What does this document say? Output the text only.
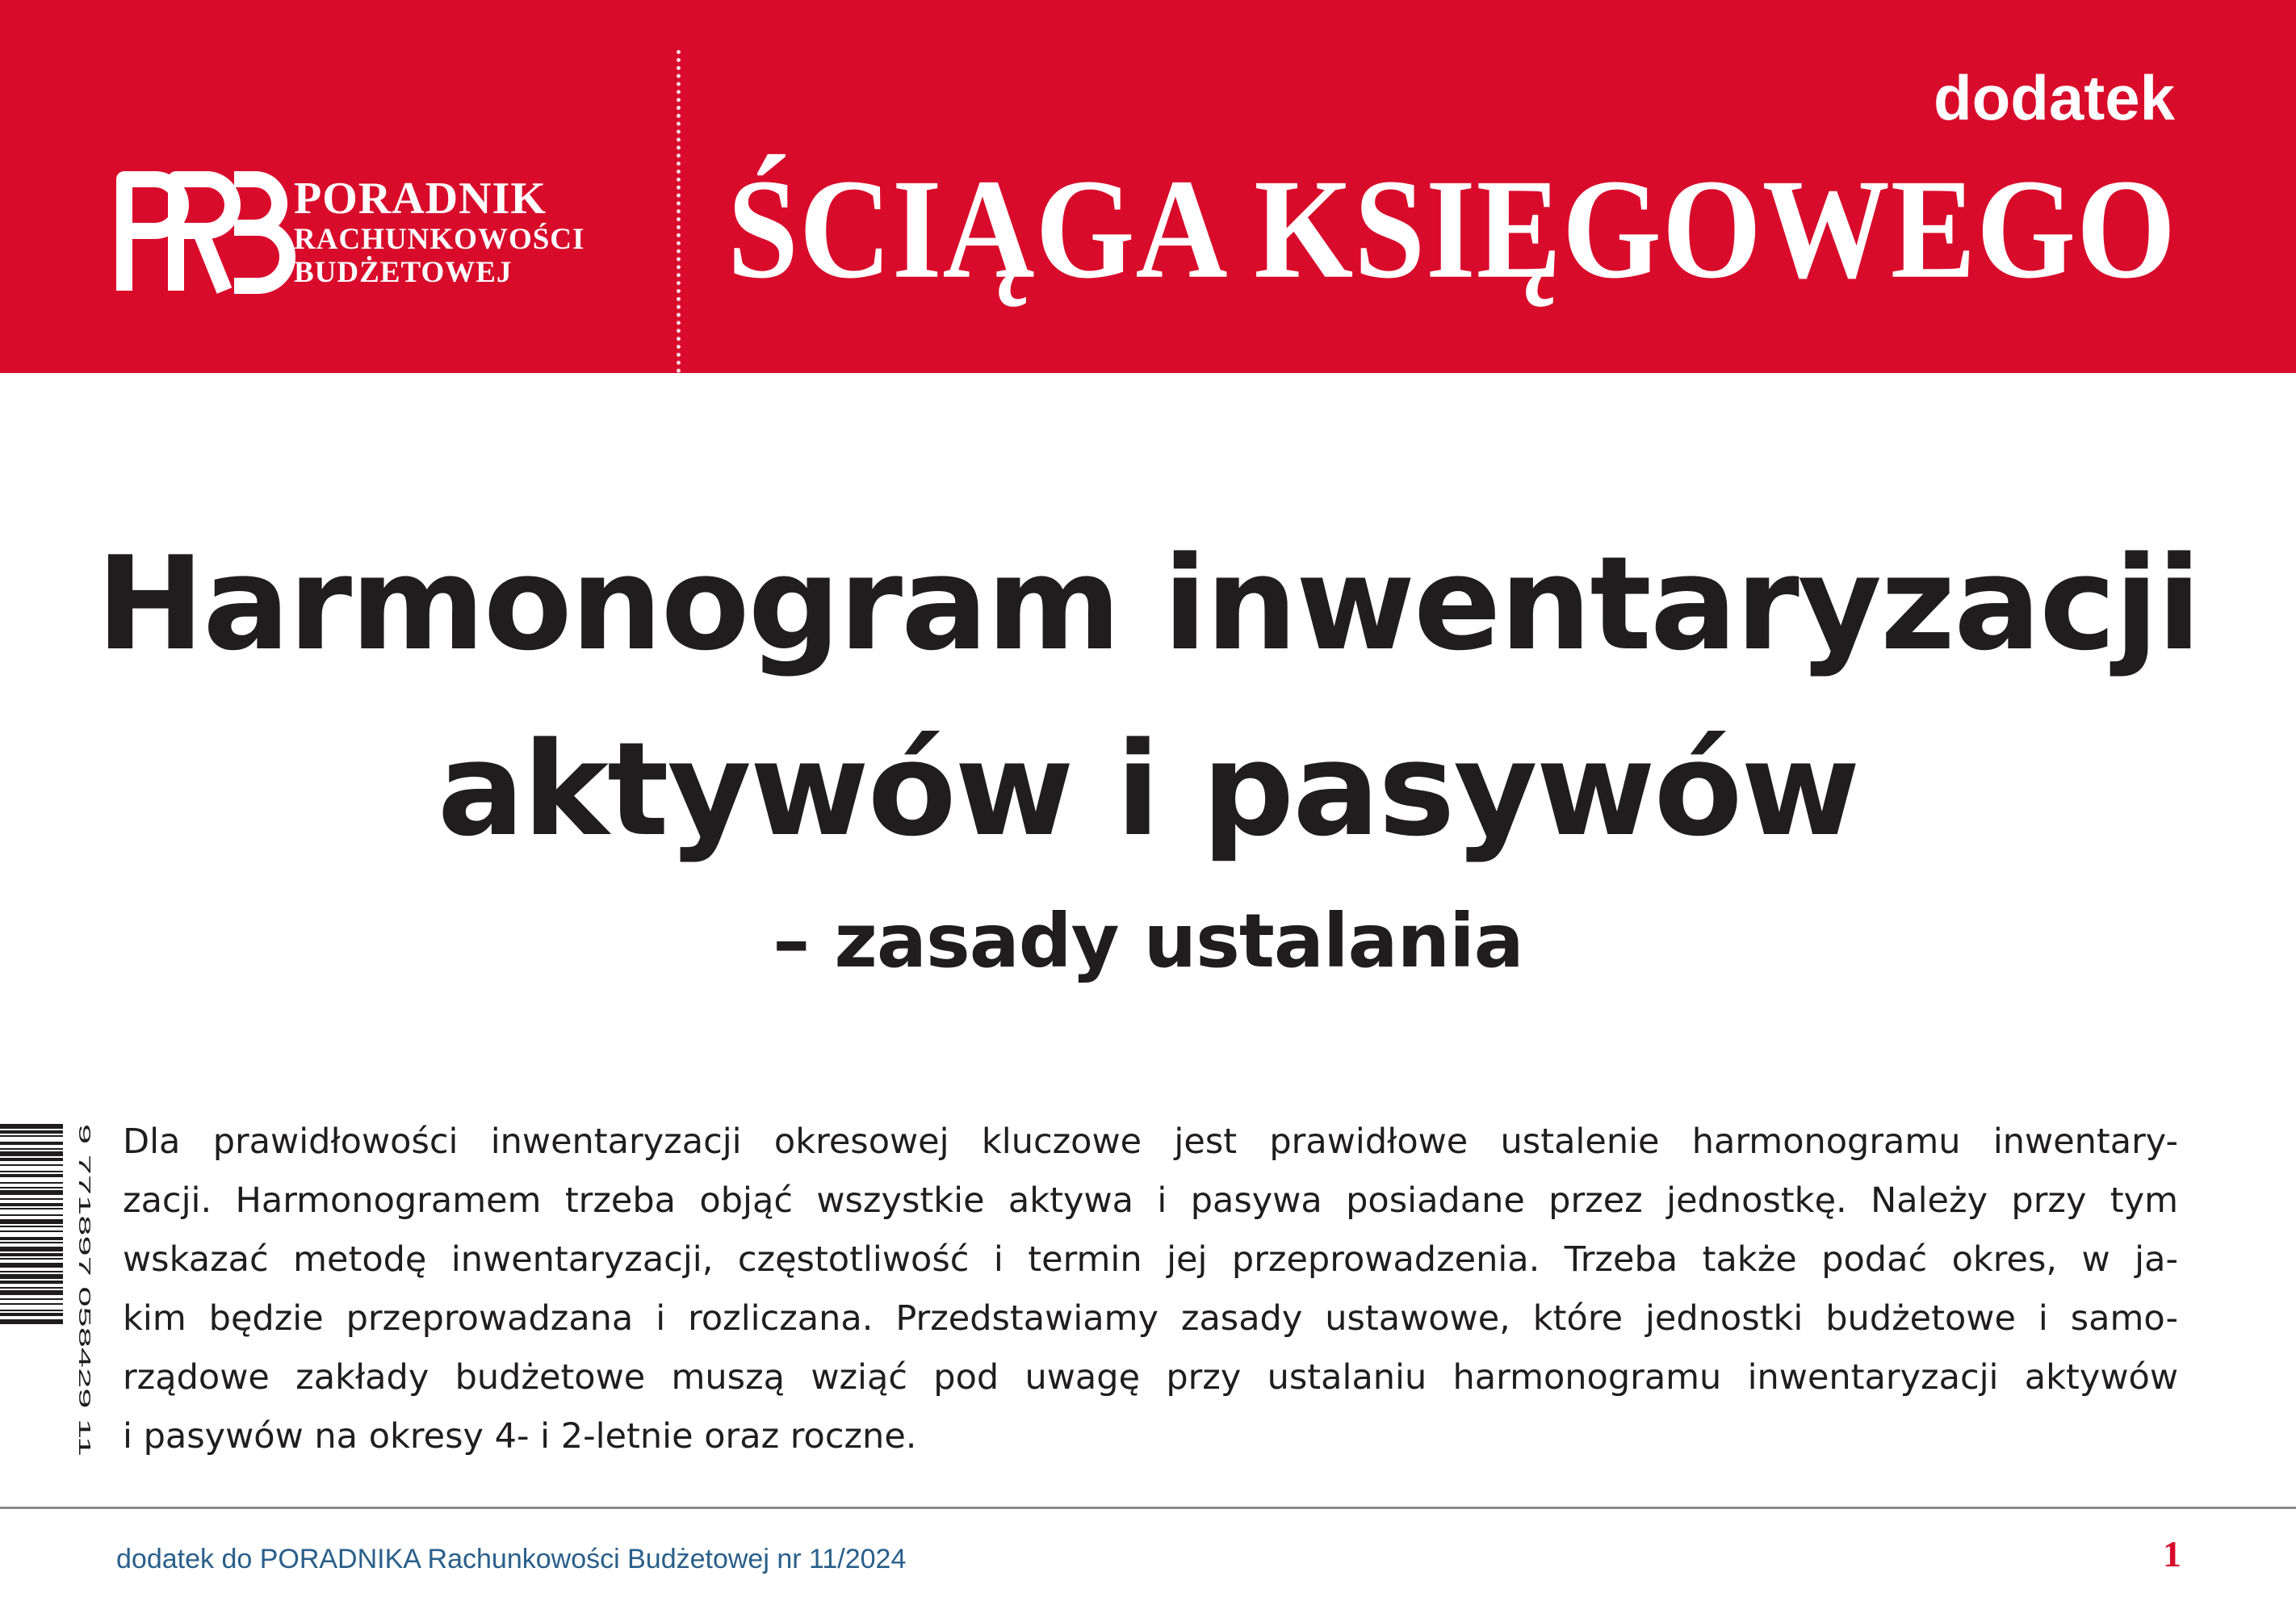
PORADNIK
RACHUNKOWOŚCI
BUDŻETOWEJ
dodatek
ŚCIĄGA KSIĘGOWEGO
Harmonogram inwentaryzacji
aktywów i pasywów
– zasady ustalania
9 771897 058429 11 Dla prawidłowości inwentaryzacji okresowej kluczowe jest prawidłowe ustalenie harmonogramu inwentary-
zacji. Harmonogramem trzeba objąć wszystkie aktywa i pasywa posiadane przez jednostkę. Należy przy tym
wskazać metodę inwentaryzacji, częstotliwość i termin jej przeprowadzenia. Trzeba także podać okres, w ja-
kim będzie przeprowadzana i rozliczana. Przedstawiamy zasady ustawowe, które jednostki budżetowe i samo-
rządowe zakłady budżetowe muszą wziąć pod uwagę przy ustalaniu harmonogramu inwentaryzacji aktywów
i pasywów na okresy 4- i 2-letnie oraz roczne.
dodatek do PORADNIKA Rachunkowości Budżetowej nr 11/2024	1
